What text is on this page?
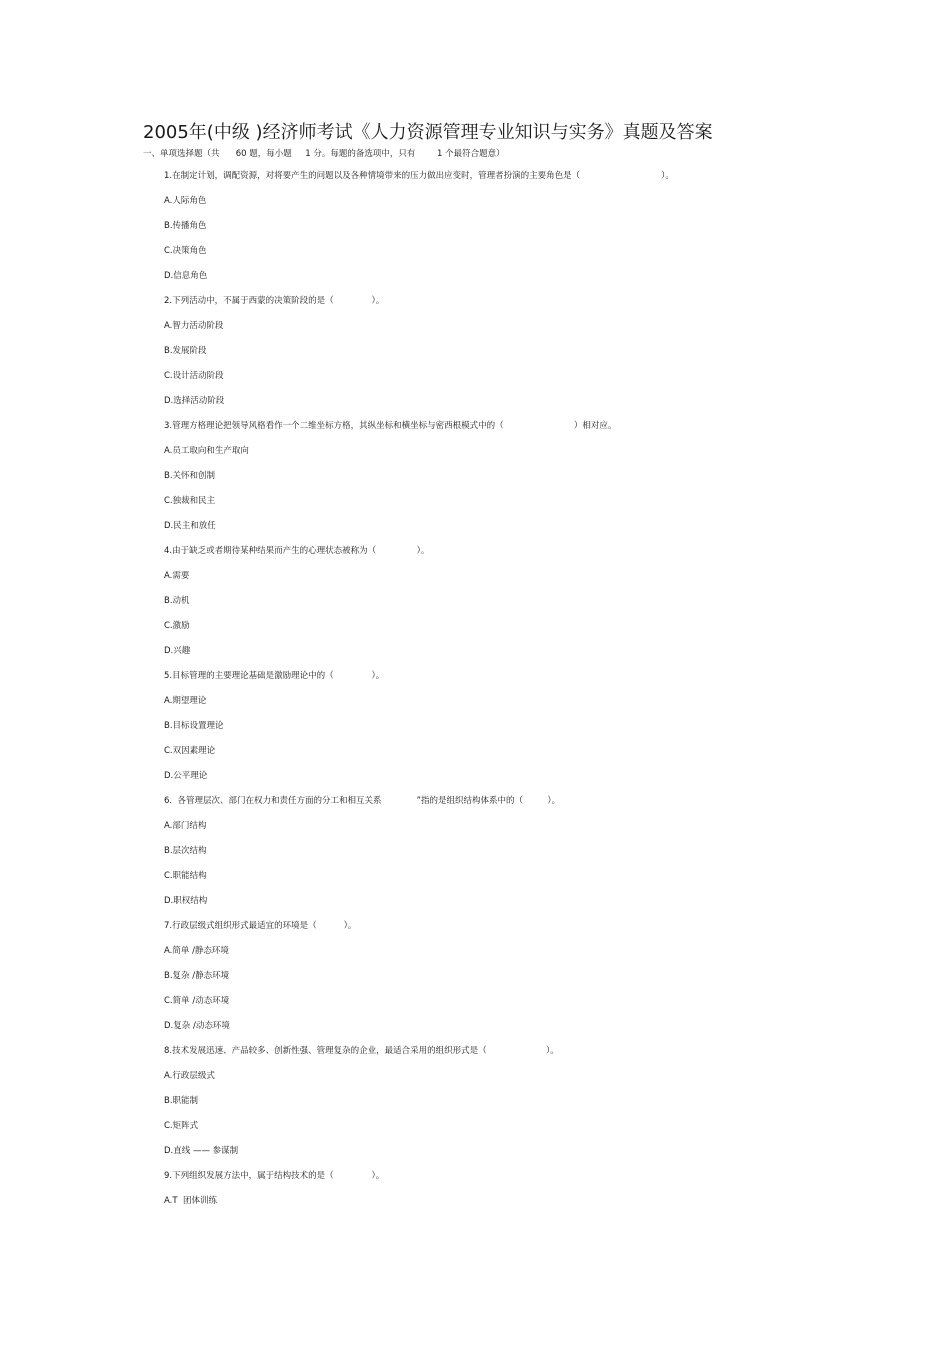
2005年(中级 )经济师考试《人力资源管理专业知识与实务》真题及答案
一、单项选择题（共      60 题，每小题     1 分。每题的备选项中，只有        1 个最符合题意）
1.在制定计划，调配资源，对将要产生的问题以及各种情境带来的压力做出应变时，管理者扮演的主要角色是（                              ）。
A.人际角色
B.传播角色
C.决策角色
D.信息角色
2.下列活动中，不属于西蒙的决策阶段的是（              ）。
A.智力活动阶段
B.发展阶段
C.设计活动阶段
D.选择活动阶段
3.管理方格理论把领导风格看作一个二维坐标方格，其纵坐标和横坐标与密西根模式中的（                          ）相对应。
A.员工取向和生产取向
B.关怀和创制
C.独裁和民主
D.民主和放任
4.由于缺乏或者期待某种结果而产生的心理状态被称为（               ）。
A.需要
B.动机
C.激励
D.兴趣
5.目标管理的主要理论基础是激励理论中的（              ）。
A.期望理论
B.目标设置理论
C.双因素理论
D.公平理论
6.  各管理层次、部门在权力和责任方面的分工和相互关系             ”指的是组织结构体系中的（         ）。
A.部门结构
B.层次结构
C.职能结构
D.职权结构
7.行政层级式组织形式最适宜的环境是（          ）。
A.简单 /静态环境
B.复杂 /静态环境
C.简单 /动态环境
D.复杂 /动态环境
8.技术发展迅速、产品较多、创新性强、管理复杂的企业，最适合采用的组织形式是（                      ）。
A.行政层级式
B.职能制
C.矩阵式
D.直线 —— 参谋制
9.下列组织发展方法中，属于结构技术的是（              ）。
A.T  团体训练
